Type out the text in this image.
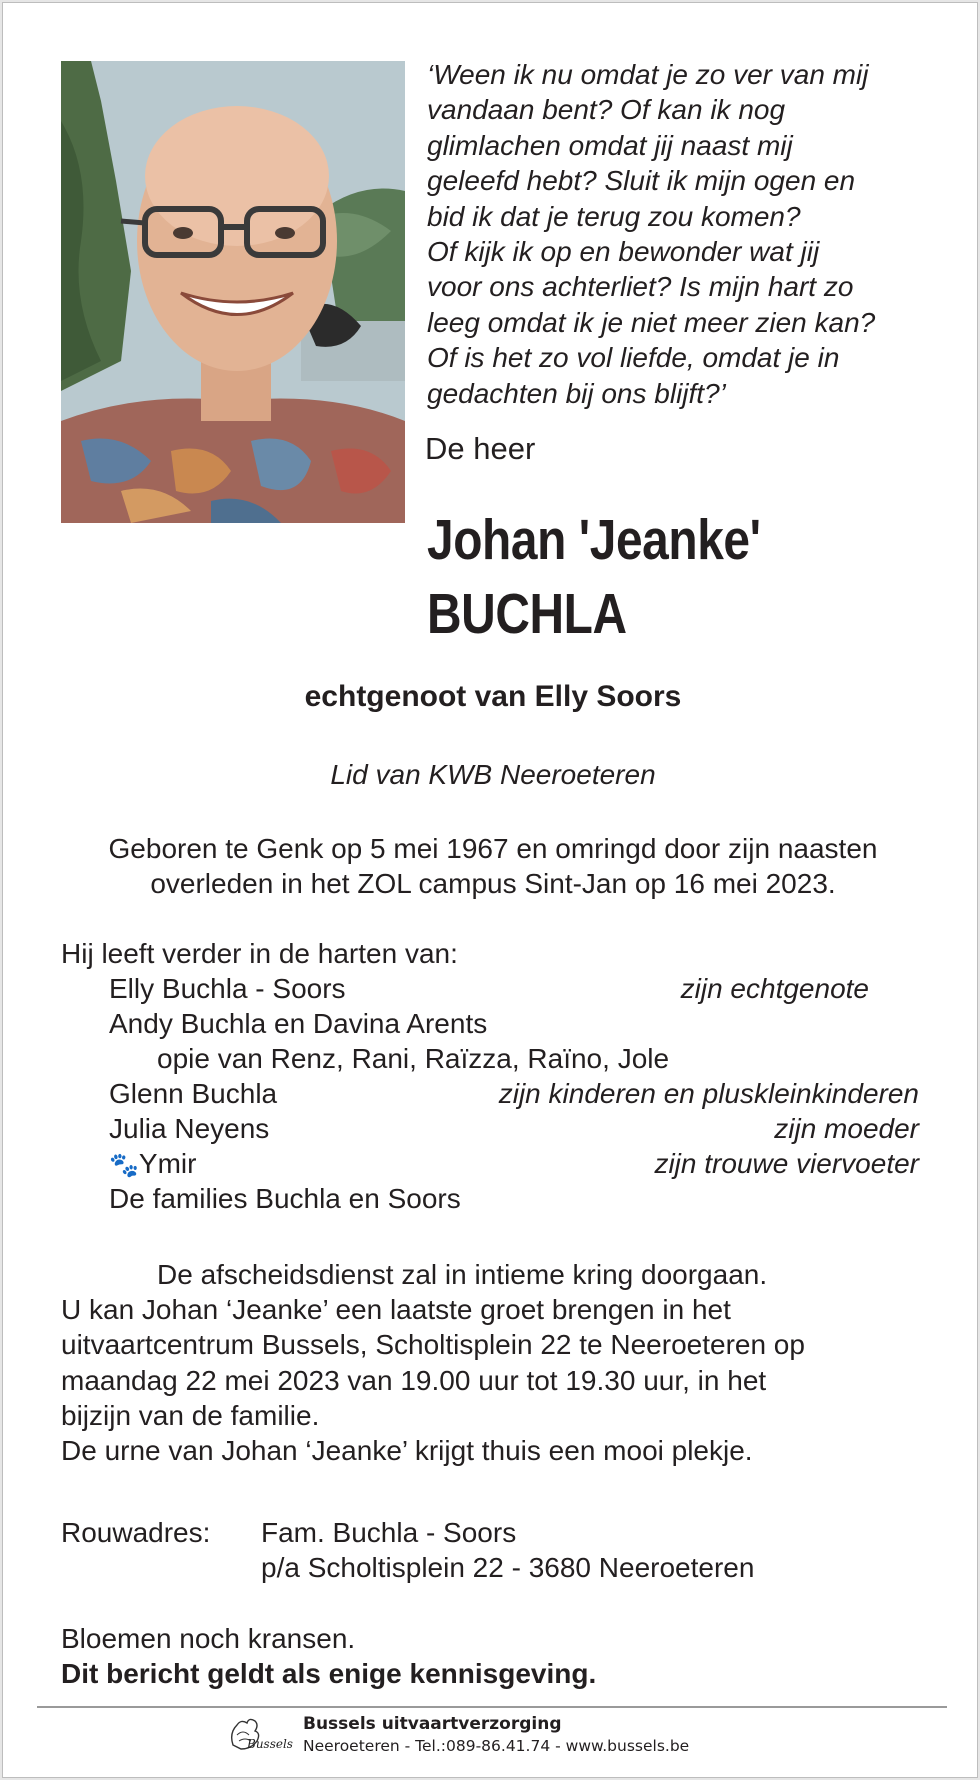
‘Ween ik nu omdat je zo ver van mij
vandaan bent? Of kan ik nog
glimlachen omdat jij naast mij
geleefd hebt? Sluit ik mijn ogen en
bid ik dat je terug zou komen?
Of kijk ik op en bewonder wat jij
voor ons achterliet? Is mijn hart zo
leeg omdat ik je niet meer zien kan?
Of is het zo vol liefde, omdat je in
gedachten bij ons blijft?’
De heer
Johan 'Jeanke'
BUCHLA
echtgenoot van Elly Soors
Lid van KWB Neeroeteren
Geboren te Genk op 5 mei 1967 en omringd door zijn naasten
overleden in het ZOL campus Sint-Jan op 16 mei 2023.
Hij leeft verder in de harten van:
Elly Buchla - Soors	zijn echtgenote
Andy Buchla en Davina Arents
opie van Renz, Rani, Raïzza, Raïno, Jole
Glenn Buchla	zijn kinderen en pluskleinkinderen
Julia Neyens	zijn moeder
🐾Ymir	zijn trouwe viervoeter
De families Buchla en Soors
De afscheidsdienst zal in intieme kring doorgaan.
U kan Johan ‘Jeanke’ een laatste groet brengen in het
uitvaartcentrum Bussels, Scholtisplein 22 te Neeroeteren op
maandag 22 mei 2023 van 19.00 uur tot 19.30 uur, in het
bijzijn van de familie.
De urne van Johan ‘Jeanke’ krijgt thuis een mooi plekje.
Rouwadres: Fam. Buchla - Soors
p/a Scholtisplein 22 - 3680 Neeroeteren
Bloemen noch kransen.
Dit bericht geldt als enige kennisgeving.
Bussels
Bussels uitvaartverzorging
Neeroeteren - Tel.:089-86.41.74 - www.bussels.be
